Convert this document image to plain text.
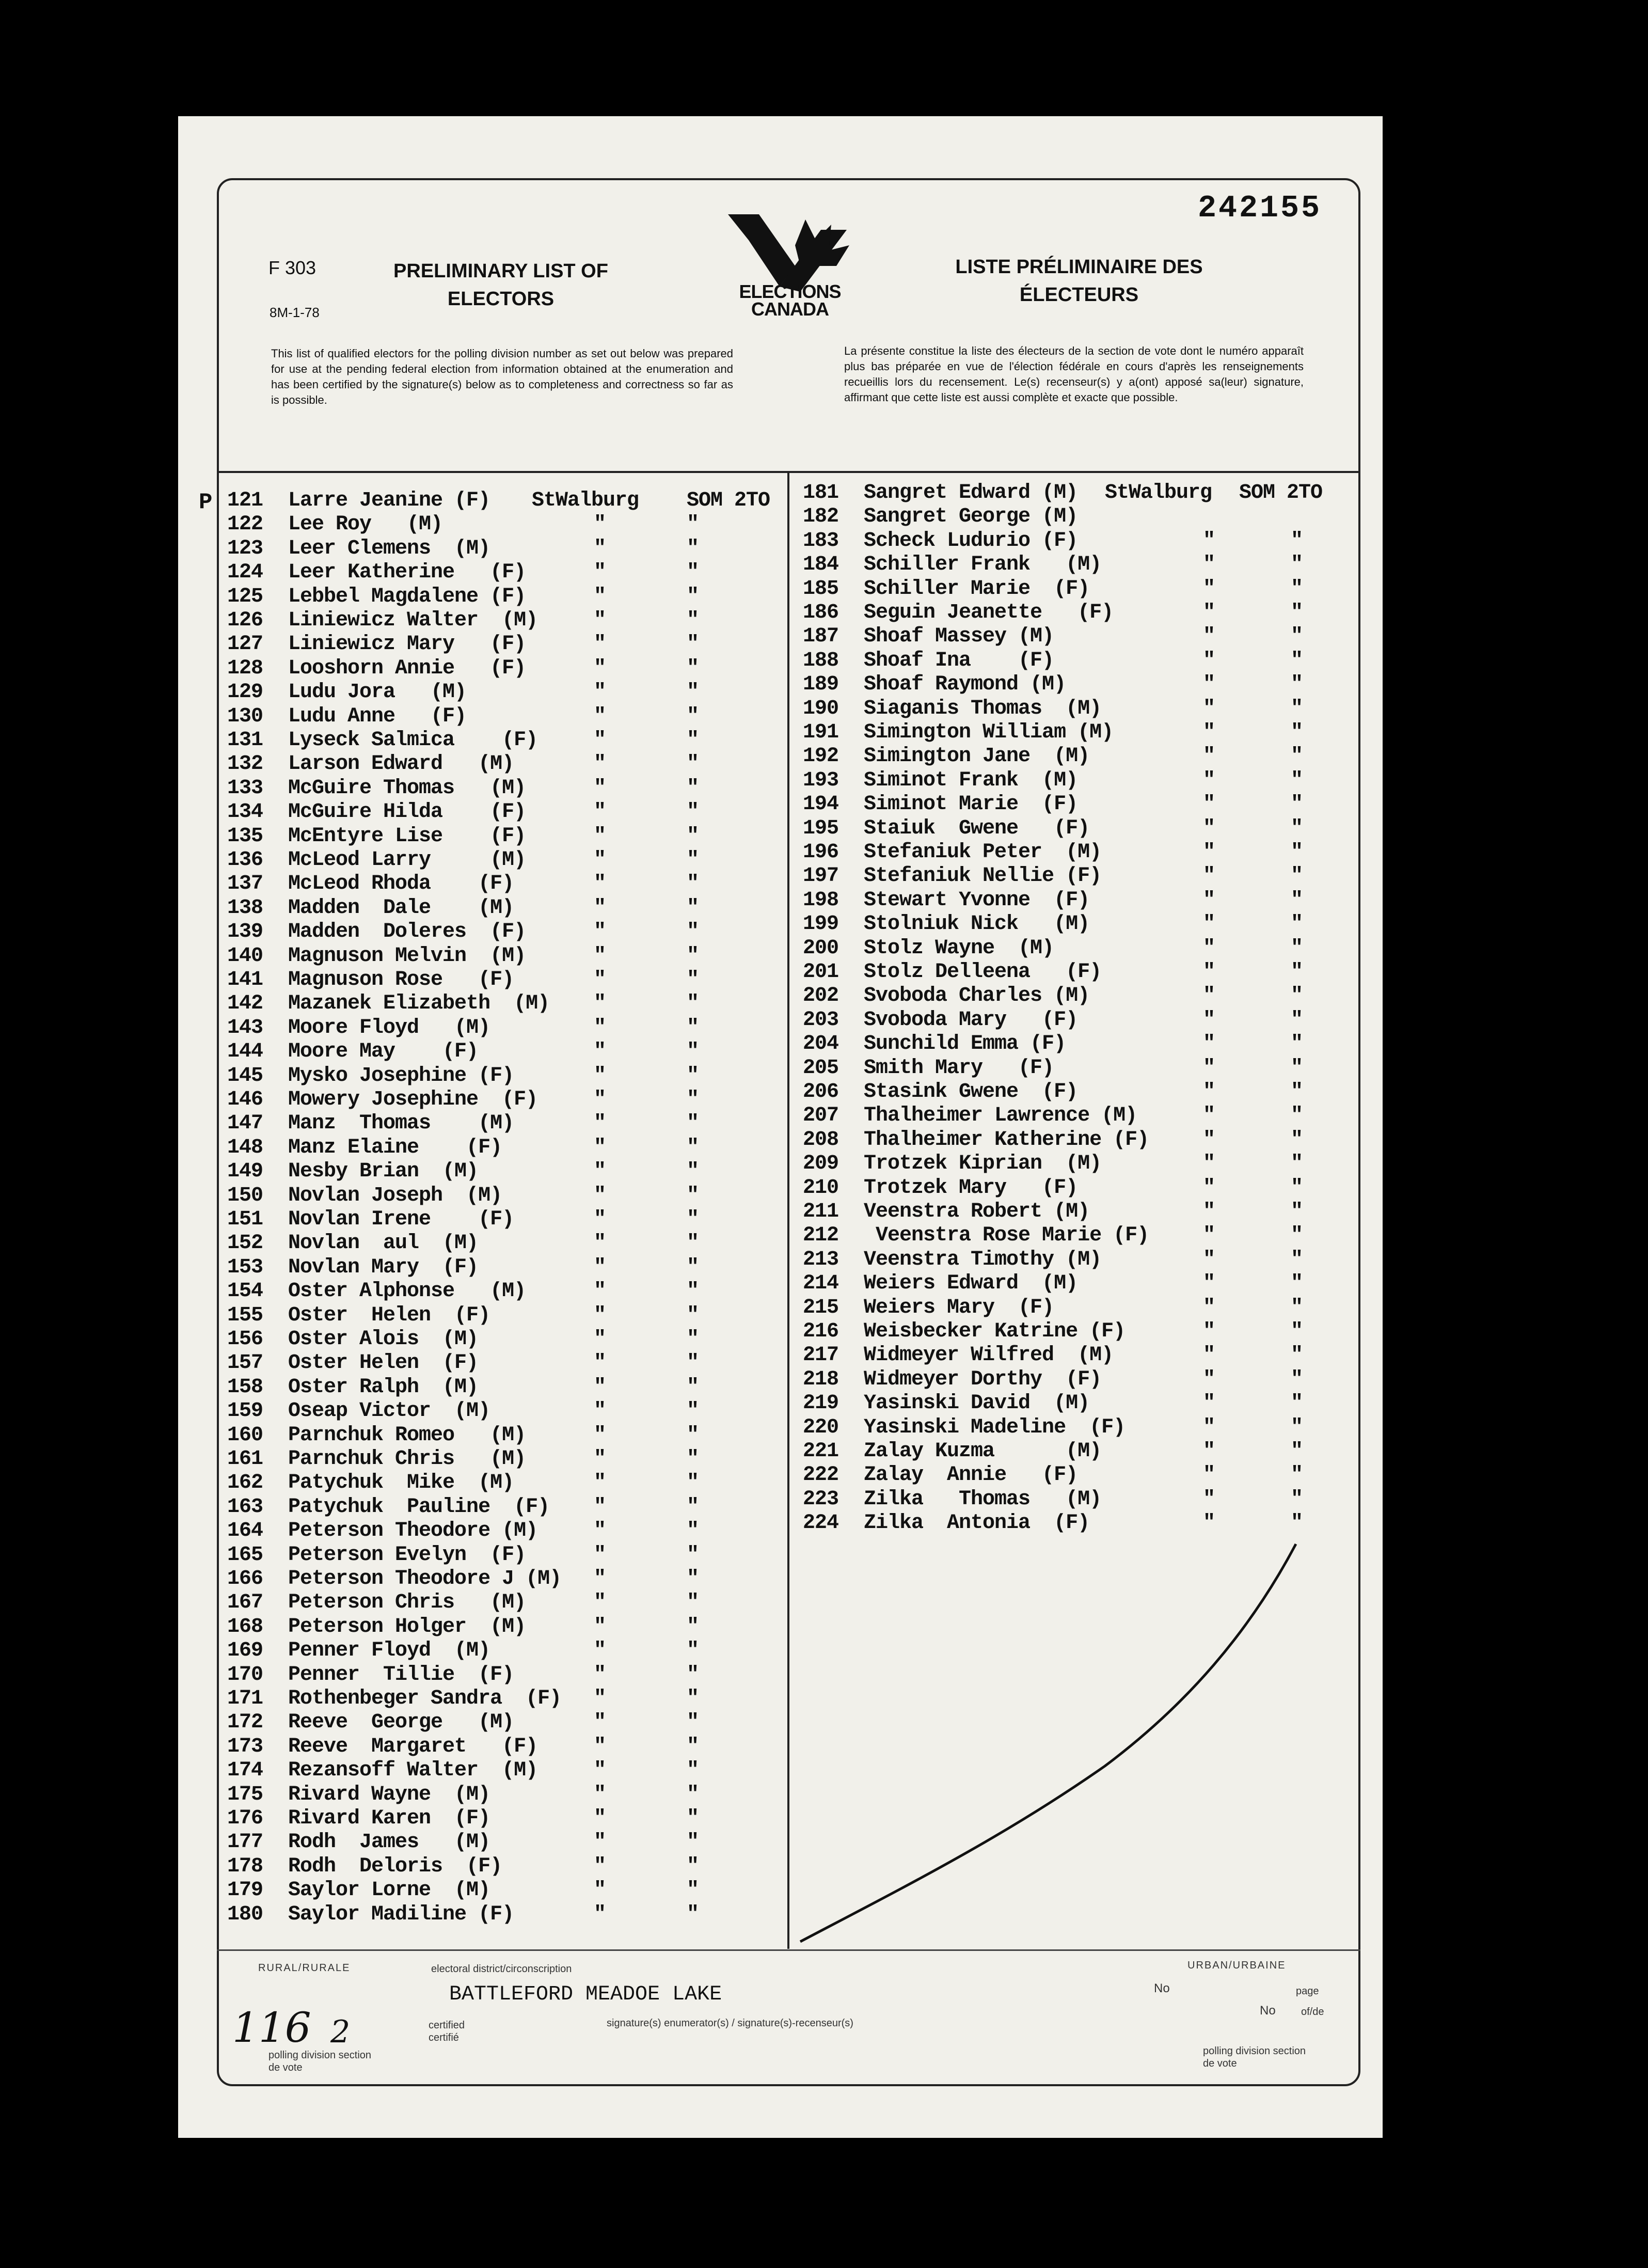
F 303
8M-1-78
PRELIMINARY LIST OF ELECTORS
LISTE PRÉLIMINAIRE DES ÉLECTEURS
242155
ELECTIONS CANADA
This list of qualified electors for the polling division number as set out below was prepared for use at the pending federal election from information obtained at the enumeration and has been certified by the signature(s) below as to completeness and correctness so far as is possible.
La présente constitue la liste des électeurs de la section de vote dont le numéro apparaît plus bas préparée en vue de l'élection fédérale en cours d'après les renseignements recueillis lors du recensement. Le(s) recenseur(s) y a(ont) apposé sa(leur) signature, affirmant que cette liste est aussi complète et exacte que possible.
P 121 Larre Jeanine (F) StWalburg SOM 2TO
122 Lee Roy   (M)	"	"
123 Leer Clemens  (M)	"	"
124 Leer Katherine   (F)	"	"
125 Lebbel Magdalene (F)	"	"
126 Liniewicz Walter  (M)	"	"
127 Liniewicz Mary   (F)	"	"
128 Looshorn Annie   (F)	"	"
129 Ludu Jora   (M)	"	"
130 Ludu Anne   (F)	"	"
131 Lyseck Salmica    (F)	"	"
132 Larson Edward   (M)	"	"
133 McGuire Thomas   (M)	"	"
134 McGuire Hilda    (F)	"	"
135 McEntyre Lise    (F)	"	"
136 McLeod Larry     (M)	"	"
137 McLeod Rhoda    (F)	"	"
138 Madden  Dale    (M)	"	"
139 Madden  Doleres  (F)	"	"
140 Magnuson Melvin  (M)	"	"
141 Magnuson Rose   (F)	"	"
142 Mazanek Elizabeth  (M) "	"
143 Moore Floyd   (M)	"	"
144 Moore May    (F)	"	"
145 Mysko Josephine (F)	"	"
146 Mowery Josephine  (F)	"	"
147 Manz  Thomas    (M)	"	"
148 Manz Elaine    (F)	"	"
149 Nesby Brian  (M)	"	"
150 Novlan Joseph  (M)	"	"
151 Novlan Irene    (F)	"	"
152 Novlan  aul  (M)	"	"
153 Novlan Mary  (F)	"	"
154 Oster Alphonse   (M)	"	"
155 Oster  Helen  (F)	"	"
156 Oster Alois  (M)	"	"
157 Oster Helen  (F)	"	"
158 Oster Ralph  (M)	"	"
159 Oseap Victor  (M)	"	"
160 Parnchuk Romeo   (M)	"	"
161 Parnchuk Chris   (M)	"	"
162 Patychuk  Mike  (M)	"	"
163 Patychuk  Pauline  (F) "	"
164 Peterson Theodore (M)	"	"
165 Peterson Evelyn  (F)	"	"
166 Peterson Theodore J (M) "	"
167 Peterson Chris   (M)	"	"
168 Peterson Holger  (M)	"	"
169 Penner Floyd  (M)	"	"
170 Penner  Tillie  (F)	"	"
171 Rothenbeger Sandra  (F) "	"
172 Reeve  George   (M)	"	"
173 Reeve  Margaret   (F)	"	"
174 Rezansoff Walter  (M)	"	"
175 Rivard Wayne  (M)	"	"
176 Rivard Karen  (F)	"	"
177 Rodh  James   (M)	"	"
178 Rodh  Deloris  (F)	"	"
179 Saylor Lorne  (M)	"	"
180 Saylor Madiline (F)	"	"
181 Sangret Edward (M) StWalburg SOM 2TO
182 Sangret George (M)
183 Scheck Ludurio (F)	"	"
184 Schiller Frank   (M)	"	"
185 Schiller Marie  (F)	"	"
186 Seguin Jeanette   (F)	"	"
187 Shoaf Massey (M)	"	"
188 Shoaf Ina    (F)	"	"
189 Shoaf Raymond (M)	"	"
190 Siaganis Thomas  (M)	"	"
191 Simington William (M)	"	"
192 Simington Jane  (M)	"	"
193 Siminot Frank  (M)	"	"
194 Siminot Marie  (F)	"	"
195 Staiuk  Gwene   (F)	"	"
196 Stefaniuk Peter  (M)	"	"
197 Stefaniuk Nellie (F)	"	"
198 Stewart Yvonne  (F)	"	"
199 Stolniuk Nick   (M)	"	"
200 Stolz Wayne  (M)	"	"
201 Stolz Delleena   (F)	"	"
202 Svoboda Charles (M)	"	"
203 Svoboda Mary   (F)	"	"
204 Sunchild Emma (F)	"	"
205 Smith Mary   (F)	"	"
206 Stasink Gwene  (F)	"	"
207 Thalheimer Lawrence (M)	"	"
208 Thalheimer Katherine (F)	"	"
209 Trotzek Kiprian  (M)	"	"
210 Trotzek Mary   (F)	"	"
211 Veenstra Robert (M)	"	"
212 Veenstra Rose Marie (F)	"	"
213 Veenstra Timothy (M)	"	"
214 Weiers Edward  (M)	"	"
215 Weiers Mary  (F)	"	"
216 Weisbecker Katrine (F)	"	"
217 Widmeyer Wilfred  (M)	"	"
218 Widmeyer Dorthy  (F)	"	"
219 Yasinski David  (M)	"	"
220 Yasinski Madeline  (F)	"	"
221 Zalay Kuzma      (M)	"	"
222 Zalay  Annie   (F)	"	"
223 Zilka   Thomas   (M)	"	"
224 Zilka  Antonia  (F)	"	"
RURAL/RURALE	electoral district/circonscription	URBAN/URBAINE
BATTLEFORD MEADOE LAKE	No
No
page
of/de
certified certifié
signature(s) enumerator(s) / signature(s)-recenseur(s)
polling division section de vote
polling division section de vote
116 2
